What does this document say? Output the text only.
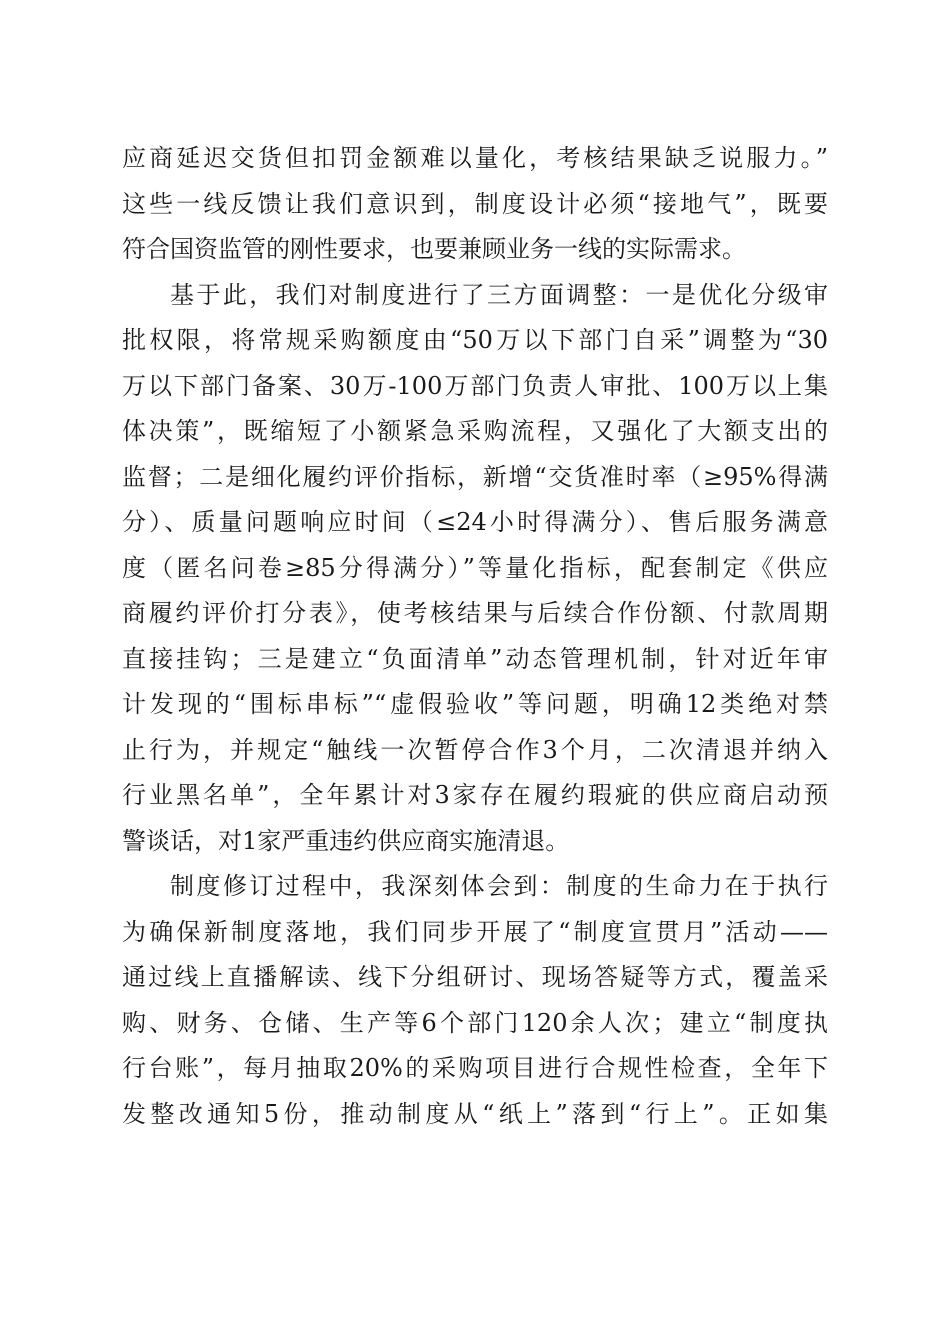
应商延迟交货但扣罚金额难以量化，考核结果缺乏说服力。”
这些一线反馈让我们意识到，制度设计必须“接地气”，既要
符合国资监管的刚性要求，也要兼顾业务一线的实际需求。
基于此，我们对制度进行了三方面调整：一是优化分级审
批权限，将常规采购额度由“50万以下部门自采”调整为“30
万以下部门备案、30万-100万部门负责人审批、100万以上集
体决策”，既缩短了小额紧急采购流程，又强化了大额支出的
监督；二是细化履约评价指标，新增“交货准时率（≥95%得满
分）、质量问题响应时间（≤24小时得满分）、售后服务满意
度（匿名问卷≥85分得满分）”等量化指标，配套制定《供应
商履约评价打分表》，使考核结果与后续合作份额、付款周期
直接挂钩；三是建立“负面清单”动态管理机制，针对近年审
计发现的“围标串标”“虚假验收”等问题，明确12类绝对禁
止行为，并规定“触线一次暂停合作3个月，二次清退并纳入
行业黑名单”，全年累计对3家存在履约瑕疵的供应商启动预
警谈话，对1家严重违约供应商实施清退。
制度修订过程中，我深刻体会到：制度的生命力在于执行
为确保新制度落地，我们同步开展了“制度宣贯月”活动——
通过线上直播解读、线下分组研讨、现场答疑等方式，覆盖采
购、财务、仓储、生产等6个部门120余人次；建立“制度执
行台账”，每月抽取20%的采购项目进行合规性检查，全年下
发整改通知5份，推动制度从“纸上”落到“行上”。正如集
